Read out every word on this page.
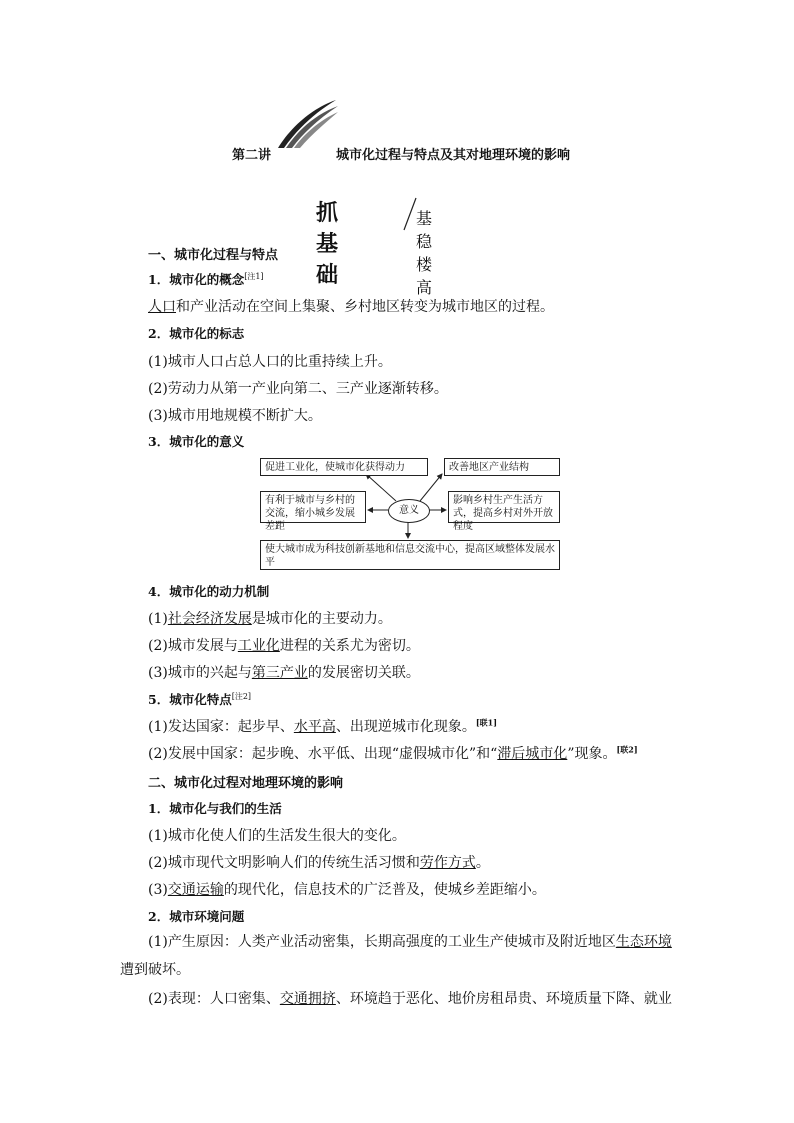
第二讲	城市化过程与特点及其对地理环境的影响
抓基础
基稳楼高
一、城市化过程与特点
1．城市化的概念[注1]
人口和产业活动在空间上集聚、乡村地区转变为城市地区的过程。
2．城市化的标志
(1)城市人口占总人口的比重持续上升。
(2)劳动力从第一产业向第二、三产业逐渐转移。
(3)城市用地规模不断扩大。
3．城市化的意义
促进工业化，使城市化获得动力	改善地区产业结构
有利于城市与乡村的交流，缩小城乡发展差距
意义
影响乡村生产生活方式，提高乡村对外开放程度
使大城市成为科技创新基地和信息交流中心，提高区域整体发展水平
4．城市化的动力机制
(1)社会经济发展是城市化的主要动力。
(2)城市发展与工业化进程的关系尤为密切。
(3)城市的兴起与第三产业的发展密切关联。
5．城市化特点[注2]
(1)发达国家：起步早、水平高、出现逆城市化现象。[联1]
(2)发展中国家：起步晚、水平低、出现“虚假城市化”和“滞后城市化”现象。[联2]
二、城市化过程对地理环境的影响
1．城市化与我们的生活
(1)城市化使人们的生活发生很大的变化。
(2)城市现代文明影响人们的传统生活习惯和劳作方式。
(3)交通运输的现代化，信息技术的广泛普及，使城乡差距缩小。
2．城市环境问题
(1)产生原因：人类产业活动密集，长期高强度的工业生产使城市及附近地区生态环境遭到破坏。
(2)表现：人口密集、交通拥挤、环境趋于恶化、地价房租昂贵、环境质量下降、就业
